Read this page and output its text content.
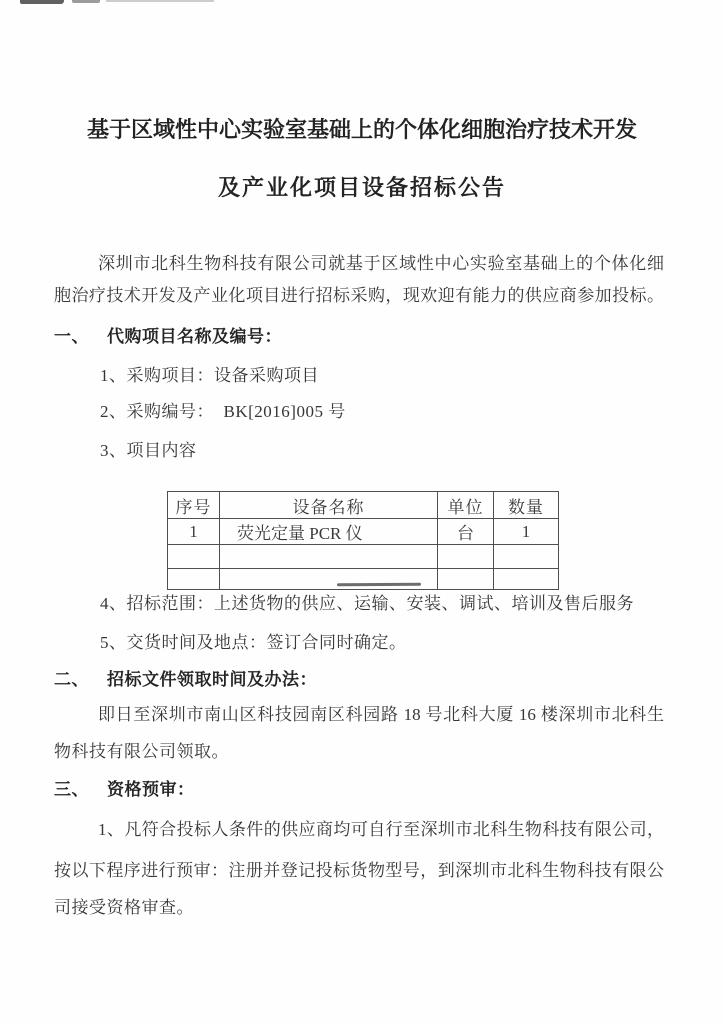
基于区域性中心实验室基础上的个体化细胞治疗技术开发
及产业化项目设备招标公告
深圳市北科生物科技有限公司就基于区域性中心实验室基础上的个体化细
胞治疗技术开发及产业化项目进行招标采购，现欢迎有能力的供应商参加投标。
一、 代购项目名称及编号：
1、采购项目：设备采购项目
2、采购编号：  BK[2016]005 号
3、项目内容
序号	设备名称	单位	数量
1	荧光定量 PCR 仪	台	1

4、招标范围：上述货物的供应、运输、安装、调试、培训及售后服务
5、交货时间及地点：签订合同时确定。
二、 招标文件领取时间及办法：
即日至深圳市南山区科技园南区科园路 18 号北科大厦 16 楼深圳市北科生
物科技有限公司领取。
三、 资格预审：
1、凡符合投标人条件的供应商均可自行至深圳市北科生物科技有限公司，
按以下程序进行预审：注册并登记投标货物型号，到深圳市北科生物科技有限公
司接受资格审查。
